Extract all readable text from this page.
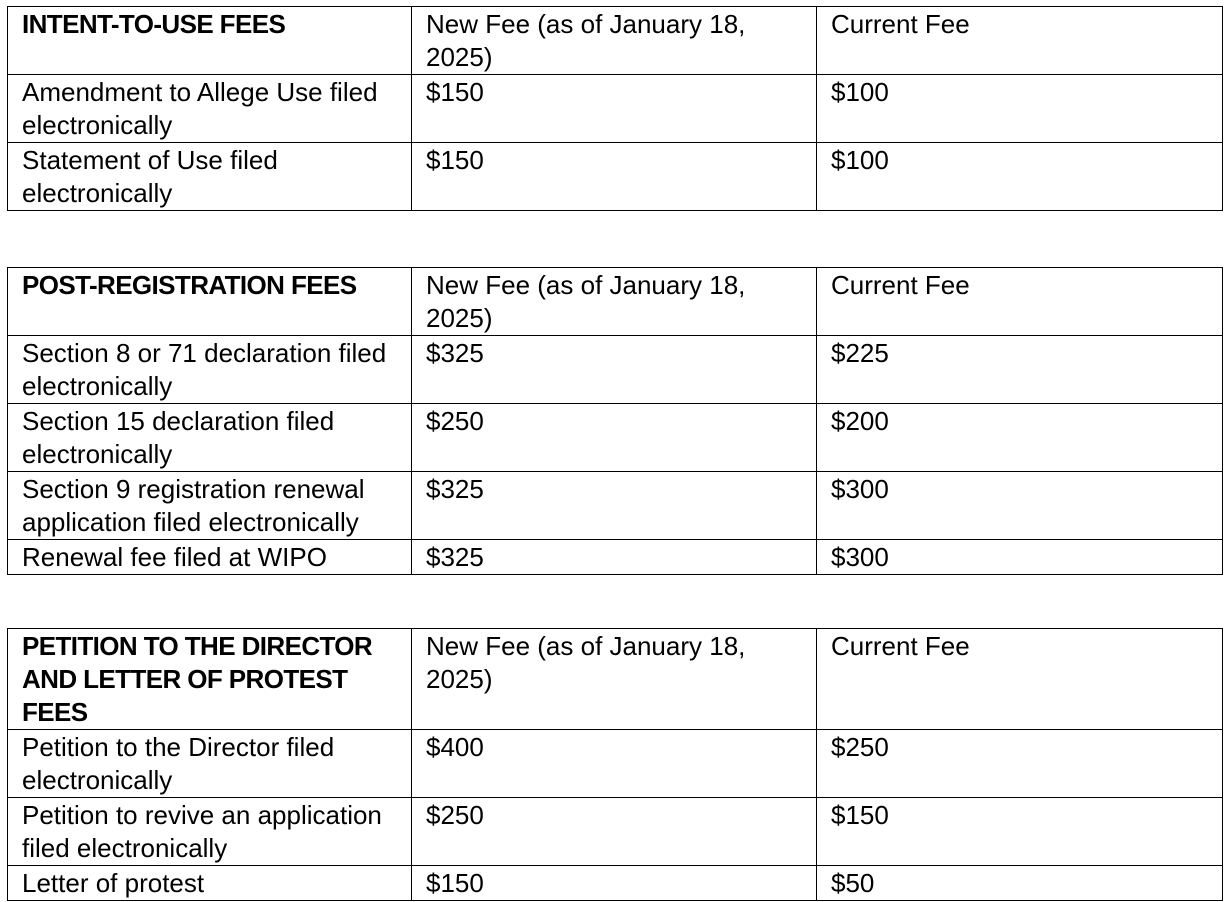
INTENT-TO-USE FEES	New Fee (as of January 18, 2025)	Current Fee
Amendment to Allege Use filed electronically	$150	$100
Statement of Use filed electronically	$150	$100
POST-REGISTRATION FEES	New Fee (as of January 18, 2025)	Current Fee
Section 8 or 71 declaration filed electronically	$325	$225
Section 15 declaration filed electronically	$250	$200
Section 9 registration renewal application filed electronically	$325	$300
Renewal fee filed at WIPO	$325	$300
PETITION TO THE DIRECTOR AND LETTER OF PROTEST FEES	New Fee (as of January 18, 2025)	Current Fee
Petition to the Director filed electronically	$400	$250
Petition to revive an application filed electronically	$250	$150
Letter of protest	$150	$50
